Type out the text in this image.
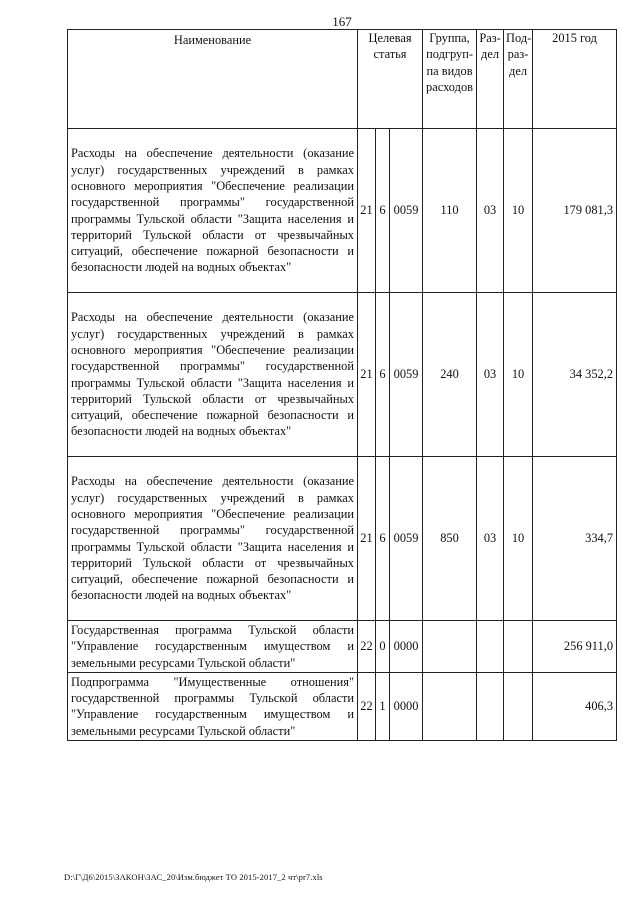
167
Наименование	Целевая статья			Группа, подгруп- па видов расходов	Раз- дел	Под- раз- дел	2015 год
Расходы на обеспечение деятельности (оказание услуг) государственных учреждений в рамках основного мероприятия "Обеспечение реализации государственной программы" государственной программы Тульской области "Защита населения и территорий Тульской области от чрезвычайных ситуаций, обеспечение пожарной безопасности и безопасности людей на водных объектах"	21	6	0059	110	03	10	179 081,3
Расходы на обеспечение деятельности (оказание услуг) государственных учреждений в рамках основного мероприятия "Обеспечение реализации государственной программы" государственной программы Тульской области "Защита населения и территорий Тульской области от чрезвычайных ситуаций, обеспечение пожарной безопасности и безопасности людей на водных объектах"	21	6	0059	240	03	10	34 352,2
Расходы на обеспечение деятельности (оказание услуг) государственных учреждений в рамках основного мероприятия "Обеспечение реализации государственной программы" государственной программы Тульской области "Защита населения и территорий Тульской области от чрезвычайных ситуаций, обеспечение пожарной безопасности и безопасности людей на водных объектах"	21	6	0059	850	03	10	334,7
Государственная программа Тульской области "Управление государственным имуществом и земельными ресурсами Тульской области"	22	0	0000				256 911,0
Подпрограмма "Имущественные отношения" государственной программы Тульской области "Управление государственным имуществом и земельными ресурсами Тульской области"	22	1	0000				406,3
D:\Г\Д6\2015\ЗАКОН\ЗАС_20\Изм.бюджет ТО 2015-2017_2 чт\pr7.xls
